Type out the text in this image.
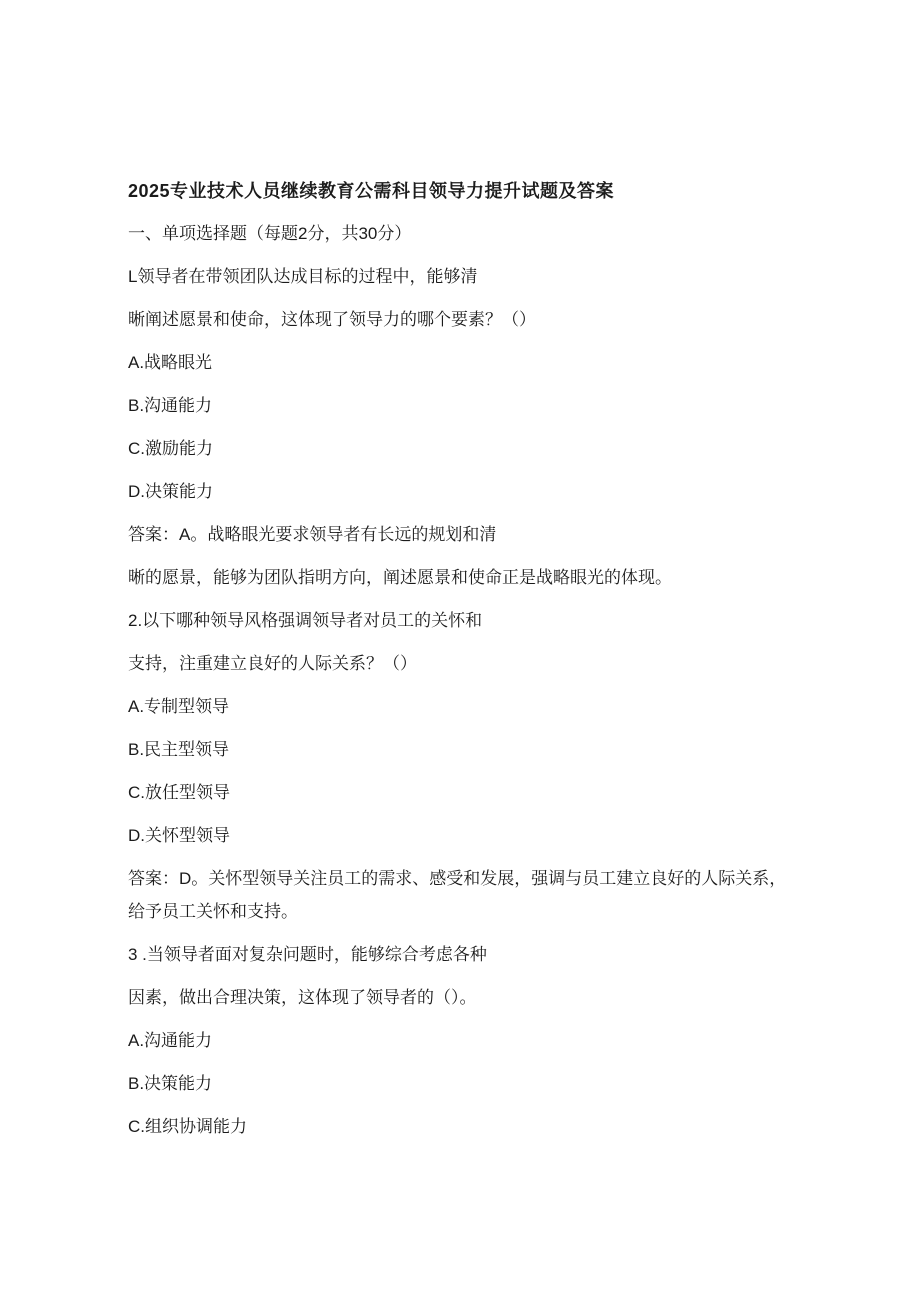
2025专业技术人员继续教育公需科目领导力提升试题及答案

一、单项选择题（每题2分，共30分）

L领导者在带领团队达成目标的过程中，能够清

晰阐述愿景和使命，这体现了领导力的哪个要素？（）

A.战略眼光

B.沟通能力

C.激励能力

D.决策能力

答案：A。战略眼光要求领导者有长远的规划和清

晰的愿景，能够为团队指明方向，阐述愿景和使命正是战略眼光的体现。

2.以下哪种领导风格强调领导者对员工的关怀和

支持，注重建立良好的人际关系？（）

A.专制型领导

B.民主型领导

C.放任型领导

D.关怀型领导

答案：D。关怀型领导关注员工的需求、感受和发展，强调与员工建立良好的人际关系，

给予员工关怀和支持。

3 .当领导者面对复杂问题时，能够综合考虑各种

因素，做出合理决策，这体现了领导者的（）。

A.沟通能力

B.决策能力

C.组织协调能力
